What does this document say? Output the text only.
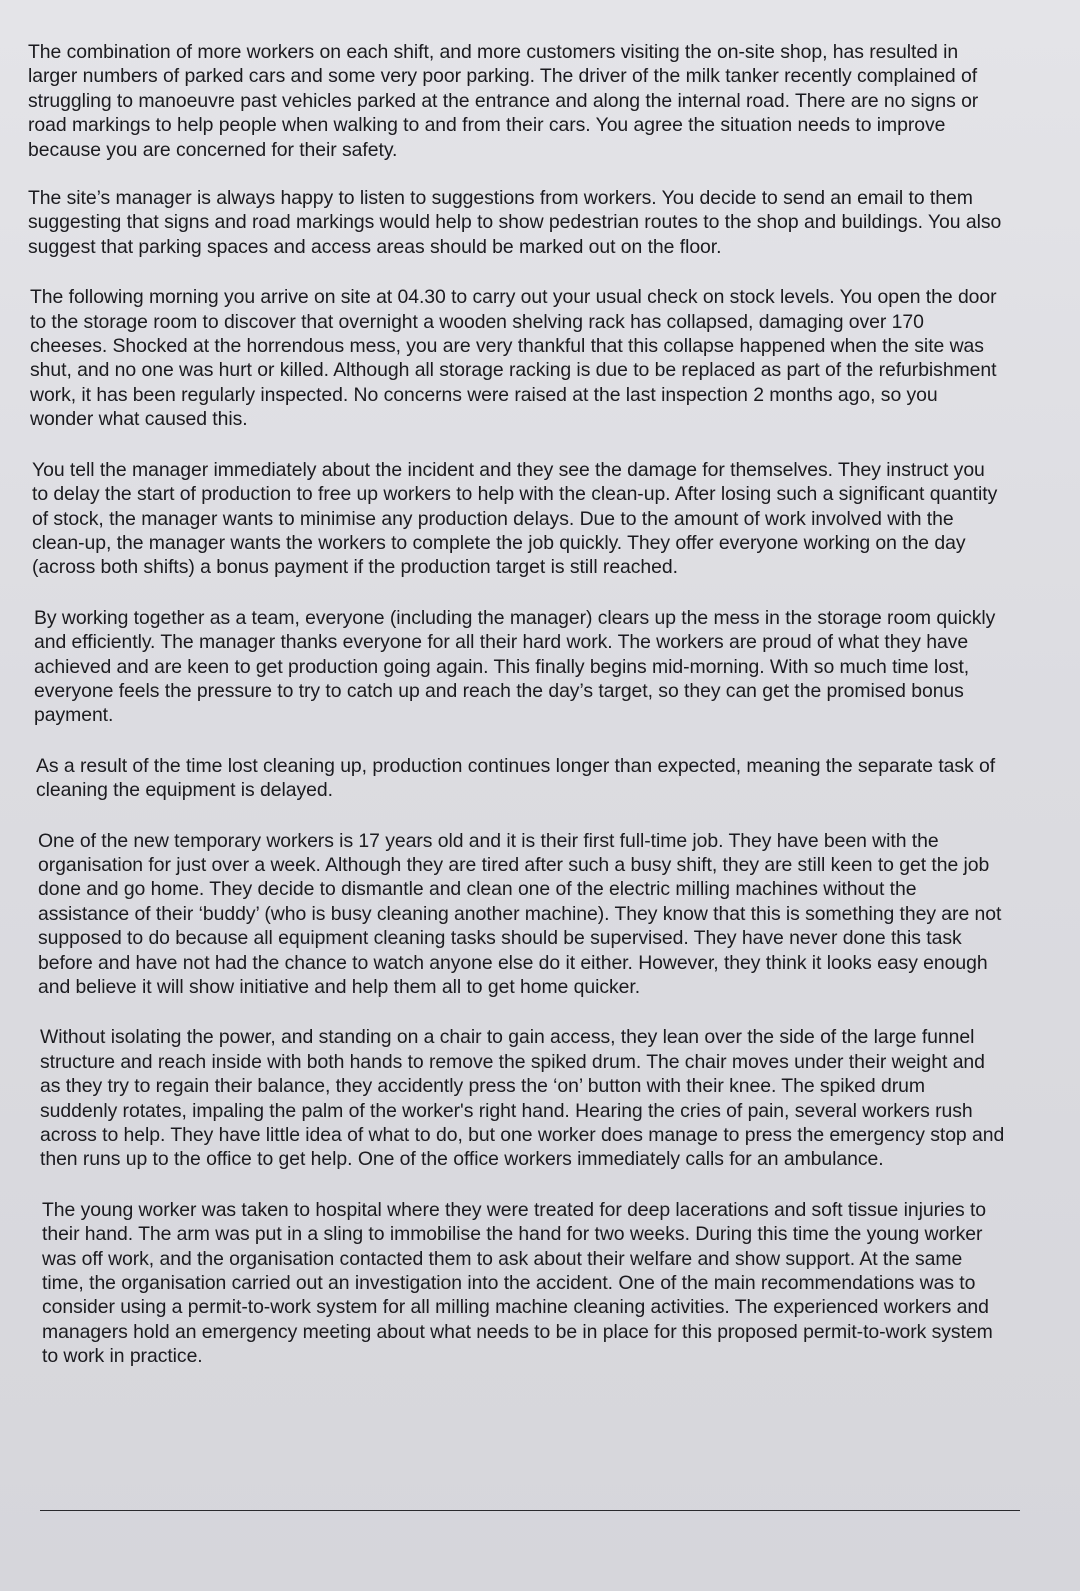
The combination of more workers on each shift, and more customers visiting the on-site shop, has resulted in larger numbers of parked cars and some very poor parking. The driver of the milk tanker recently complained of struggling to manoeuvre past vehicles parked at the entrance and along the internal road. There are no signs or road markings to help people when walking to and from their cars. You agree the situation needs to improve because you are concerned for their safety.

The site’s manager is always happy to listen to suggestions from workers. You decide to send an email to them suggesting that signs and road markings would help to show pedestrian routes to the shop and buildings. You also suggest that parking spaces and access areas should be marked out on the floor.

The following morning you arrive on site at 04.30 to carry out your usual check on stock levels. You open the door to the storage room to discover that overnight a wooden shelving rack has collapsed, damaging over 170 cheeses. Shocked at the horrendous mess, you are very thankful that this collapse happened when the site was shut, and no one was hurt or killed. Although all storage racking is due to be replaced as part of the refurbishment work, it has been regularly inspected. No concerns were raised at the last inspection 2 months ago, so you wonder what caused this.

You tell the manager immediately about the incident and they see the damage for themselves. They instruct you to delay the start of production to free up workers to help with the clean-up. After losing such a significant quantity of stock, the manager wants to minimise any production delays. Due to the amount of work involved with the clean-up, the manager wants the workers to complete the job quickly. They offer everyone working on the day (across both shifts) a bonus payment if the production target is still reached.

By working together as a team, everyone (including the manager) clears up the mess in the storage room quickly and efficiently. The manager thanks everyone for all their hard work. The workers are proud of what they have achieved and are keen to get production going again. This finally begins mid-morning. With so much time lost, everyone feels the pressure to try to catch up and reach the day’s target, so they can get the promised bonus payment.

As a result of the time lost cleaning up, production continues longer than expected, meaning the separate task of cleaning the equipment is delayed.

One of the new temporary workers is 17 years old and it is their first full-time job. They have been with the organisation for just over a week. Although they are tired after such a busy shift, they are still keen to get the job done and go home. They decide to dismantle and clean one of the electric milling machines without the assistance of their ‘buddy’ (who is busy cleaning another machine). They know that this is something they are not supposed to do because all equipment cleaning tasks should be supervised. They have never done this task before and have not had the chance to watch anyone else do it either. However, they think it looks easy enough and believe it will show initiative and help them all to get home quicker.

Without isolating the power, and standing on a chair to gain access, they lean over the side of the large funnel structure and reach inside with both hands to remove the spiked drum. The chair moves under their weight and as they try to regain their balance, they accidently press the ‘on’ button with their knee. The spiked drum suddenly rotates, impaling the palm of the worker's right hand. Hearing the cries of pain, several workers rush across to help. They have little idea of what to do, but one worker does manage to press the emergency stop and then runs up to the office to get help. One of the office workers immediately calls for an ambulance.

The young worker was taken to hospital where they were treated for deep lacerations and soft tissue injuries to their hand. The arm was put in a sling to immobilise the hand for two weeks. During this time the young worker was off work, and the organisation contacted them to ask about their welfare and show support. At the same time, the organisation carried out an investigation into the accident. One of the main recommendations was to consider using a permit-to-work system for all milling machine cleaning activities. The experienced workers and managers hold an emergency meeting about what needs to be in place for this proposed permit-to-work system to work in practice.
